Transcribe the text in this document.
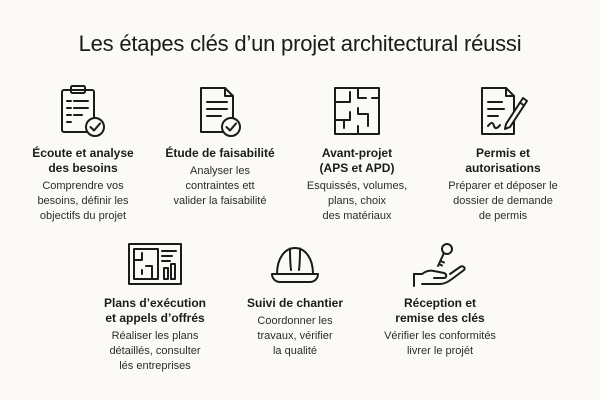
Les étapes clés d’un projet architectural réussi
Écoute et analyse
des besoins
Comprendre vos
besoins, définir les
objectifs du projet
Étude de faisabilité
Analyser les
contraintes ett
valider la faisabilité
Avant-projet
(APS et APD)
Esquissés, volumes,
plans, choix
des matériaux
Permis et
autorisations
Préparer et déposer le
dossier de demande
de permis
Plans d’exécution
et appels d’offrés
Réaliser les plans
détaillés, consulter
lés entreprises
Suivi de chantier
Coordonner les
travaux, vérifier
la qualité
Réception et
remise des clés
Vérifier les conformités
livrer le projét
